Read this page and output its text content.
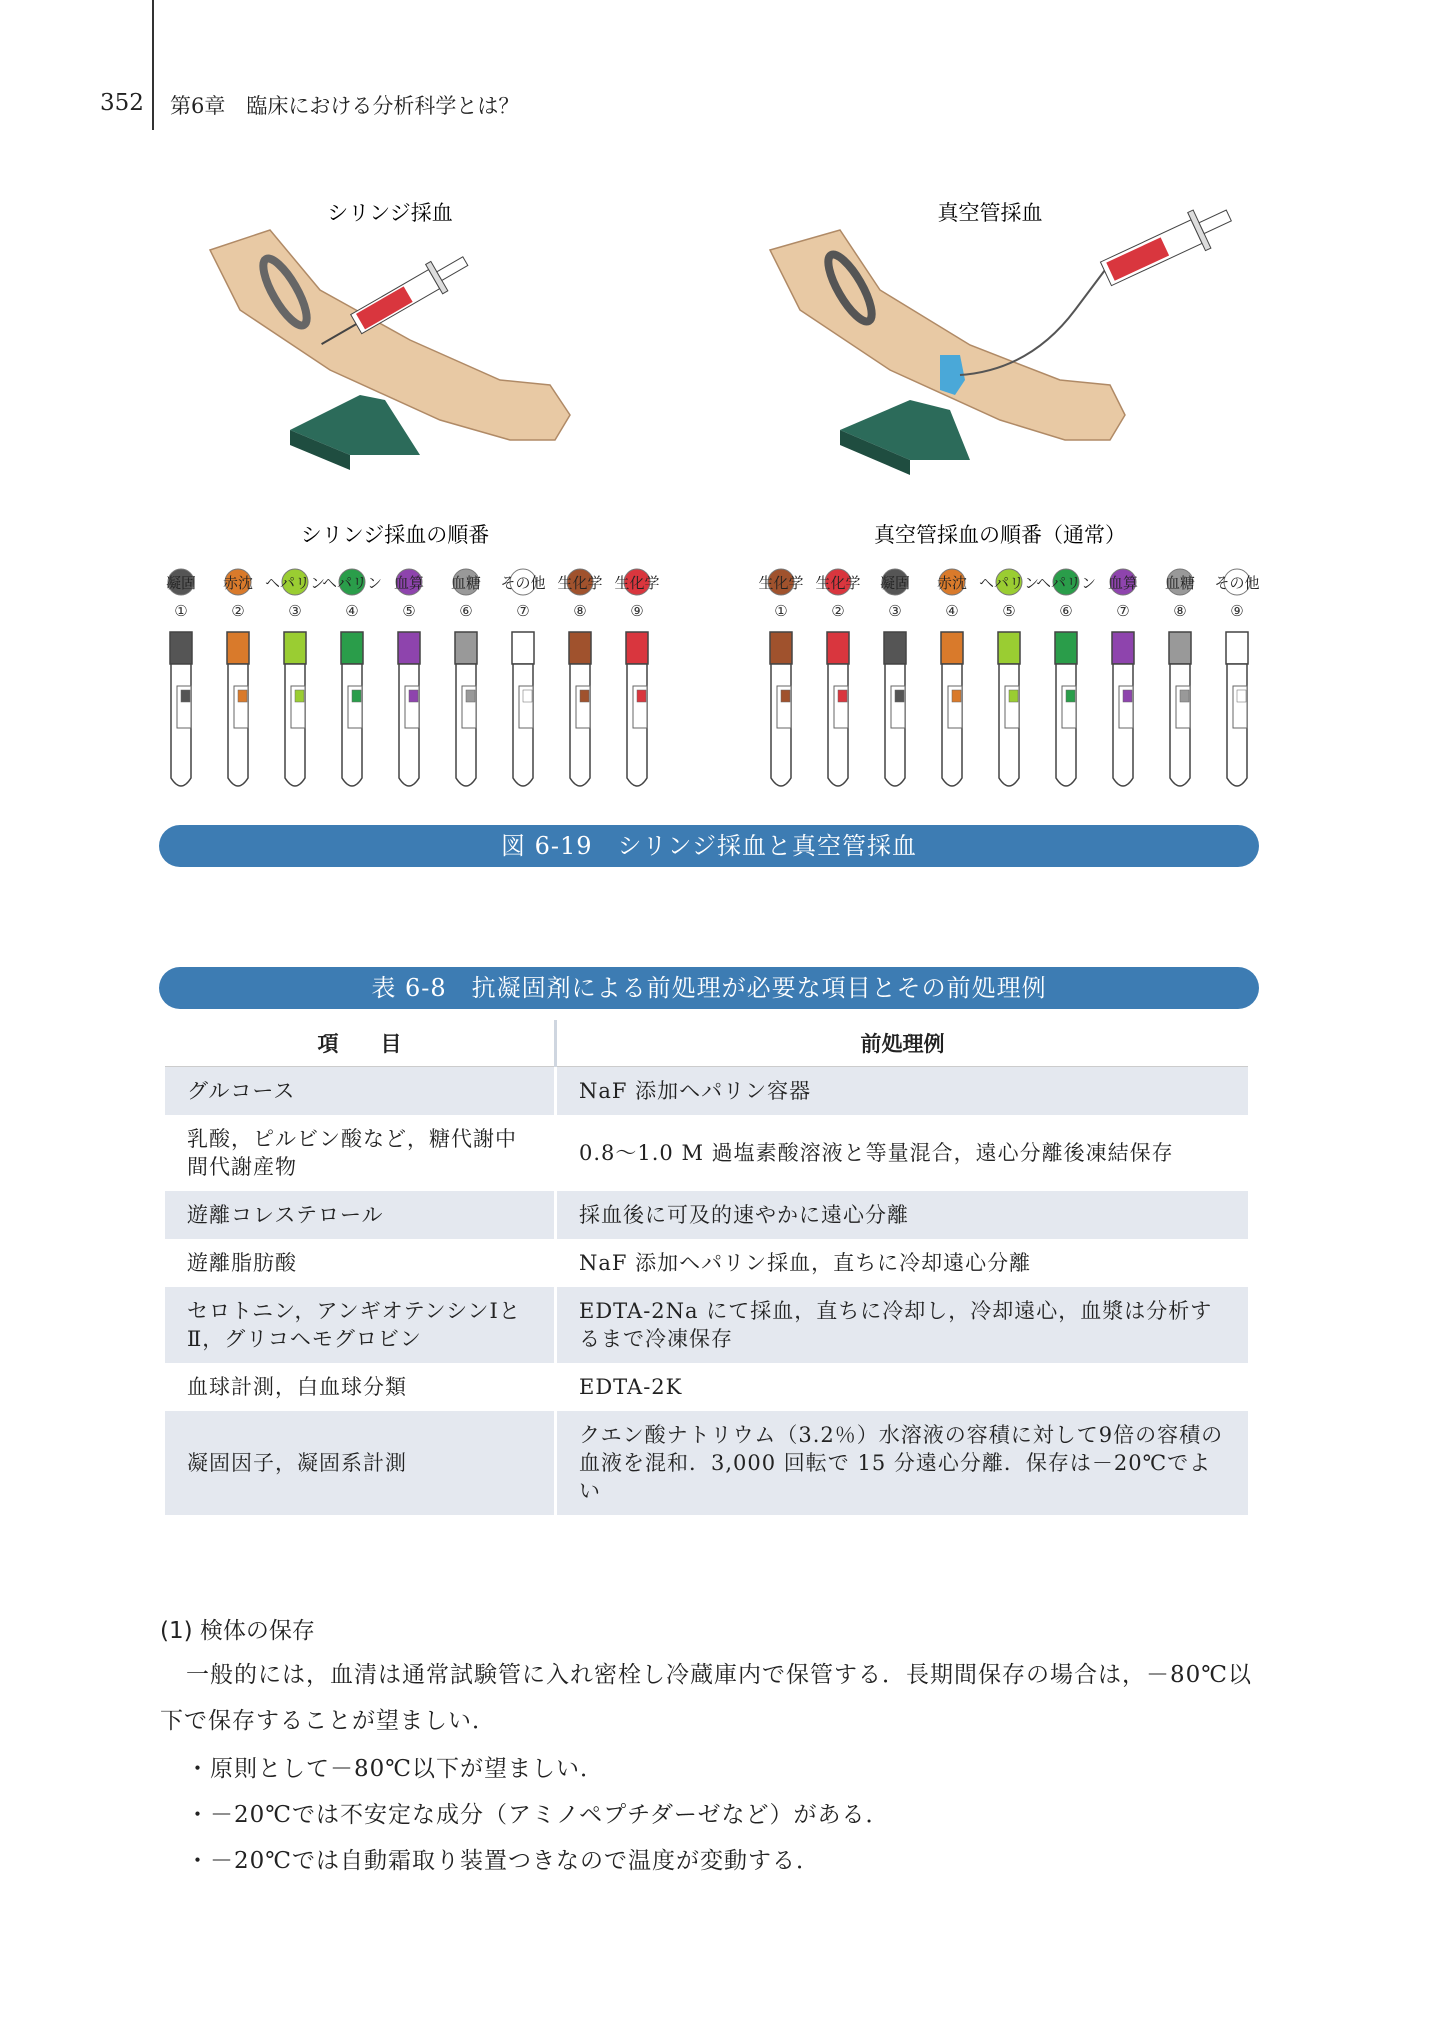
352 第6章　臨床における分析科学とは？
シリンジ採血	真空管採血
シリンジ採血の順番	真空管採血の順番（通常）
凝固
①
赤沈
②
ヘパリン
③
ヘパリン
④
血算
⑤
血糖
⑥
その他
⑦
生化学
⑧
生化学
⑨
生化学
①
生化学
②
凝固
③
赤沈
④
ヘパリン
⑤
ヘパリン
⑥
血算
⑦
血糖
⑧
その他
⑨
図 6-19　シリンジ採血と真空管採血
表 6-8　抗凝固剤による前処理が必要な項目とその前処理例
項　　目	前処理例
グルコース	NaF 添加ヘパリン容器
乳酸，ピルビン酸など，糖代謝中間代謝産物	0.8〜1.0 M 過塩素酸溶液と等量混合，遠心分離後凍結保存
遊離コレステロール	採血後に可及的速やかに遠心分離
遊離脂肪酸	NaF 添加ヘパリン採血，直ちに冷却遠心分離
セロトニン，アンギオテンシンⅠとⅡ，グリコヘモグロビン	EDTA-2Na にて採血，直ちに冷却し，冷却遠心，血漿は分析するまで冷凍保存
血球計測，白血球分類	EDTA-2K
凝固因子，凝固系計測	クエン酸ナトリウム（3.2％）水溶液の容積に対して9倍の容積の血液を混和．3,000 回転で 15 分遠心分離．保存は－20℃でよい
(1) 検体の保存
一般的には，血清は通常試験管に入れ密栓し冷蔵庫内で保管する．長期間保存の場合は，－80℃以下で保存することが望ましい．
・原則として－80℃以下が望ましい．
・－20℃では不安定な成分（アミノペプチダーゼなど）がある．
・－20℃では自動霜取り装置つきなので温度が変動する．
